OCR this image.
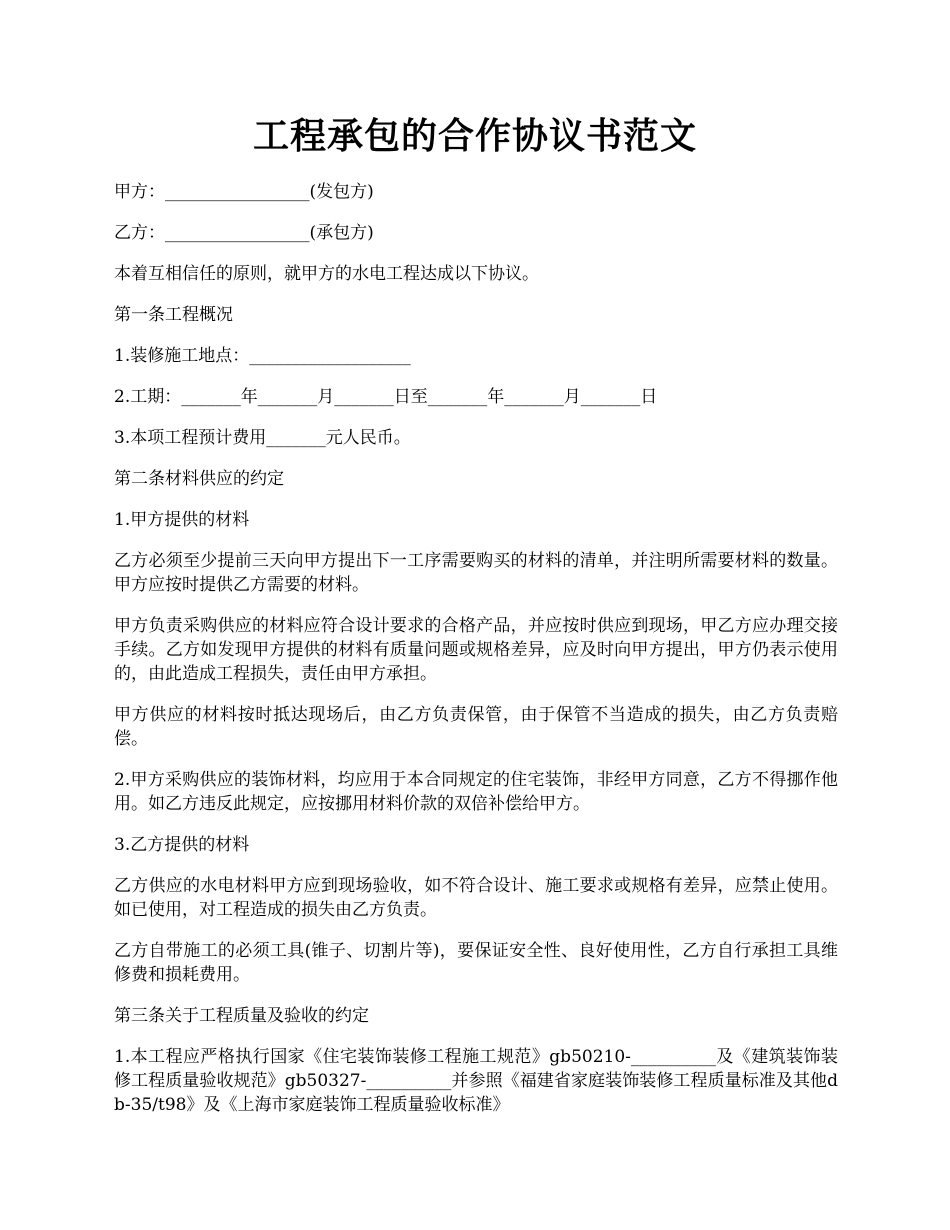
工程承包的合作协议书范文

甲方：_________________(发包方)

乙方：_________________(承包方)

本着互相信任的原则，就甲方的水电工程达成以下协议。

第一条工程概况

1.装修施工地点：___________________

2.工期：_______年_______月_______日至_______年_______月_______日

3.本项工程预计费用_______元人民币。

第二条材料供应的约定

1.甲方提供的材料

乙方必须至少提前三天向甲方提出下一工序需要购买的材料的清单，并注明所需要材料的数量。甲方应按时提供乙方需要的材料。

甲方负责采购供应的材料应符合设计要求的合格产品，并应按时供应到现场，甲乙方应办理交接手续。乙方如发现甲方提供的材料有质量问题或规格差异，应及时向甲方提出，甲方仍表示使用的，由此造成工程损失，责任由甲方承担。

甲方供应的材料按时抵达现场后，由乙方负责保管，由于保管不当造成的损失，由乙方负责赔偿。

2.甲方采购供应的装饰材料，均应用于本合同规定的住宅装饰，非经甲方同意，乙方不得挪作他用。如乙方违反此规定，应按挪用材料价款的双倍补偿给甲方。

3.乙方提供的材料

乙方供应的水电材料甲方应到现场验收，如不符合设计、施工要求或规格有差异，应禁止使用。如已使用，对工程造成的损失由乙方负责。

乙方自带施工的必须工具(锥子、切割片等)，要保证安全性、良好使用性，乙方自行承担工具维修费和损耗费用。

第三条关于工程质量及验收的约定

1.本工程应严格执行国家《住宅装饰装修工程施工规范》gb50210-__________及《建筑装饰装修工程质量验收规范》gb50327-__________并参照《福建省家庭装饰装修工程质量标准及其他db-35/t98》及《上海市家庭装饰工程质量验收标准》
